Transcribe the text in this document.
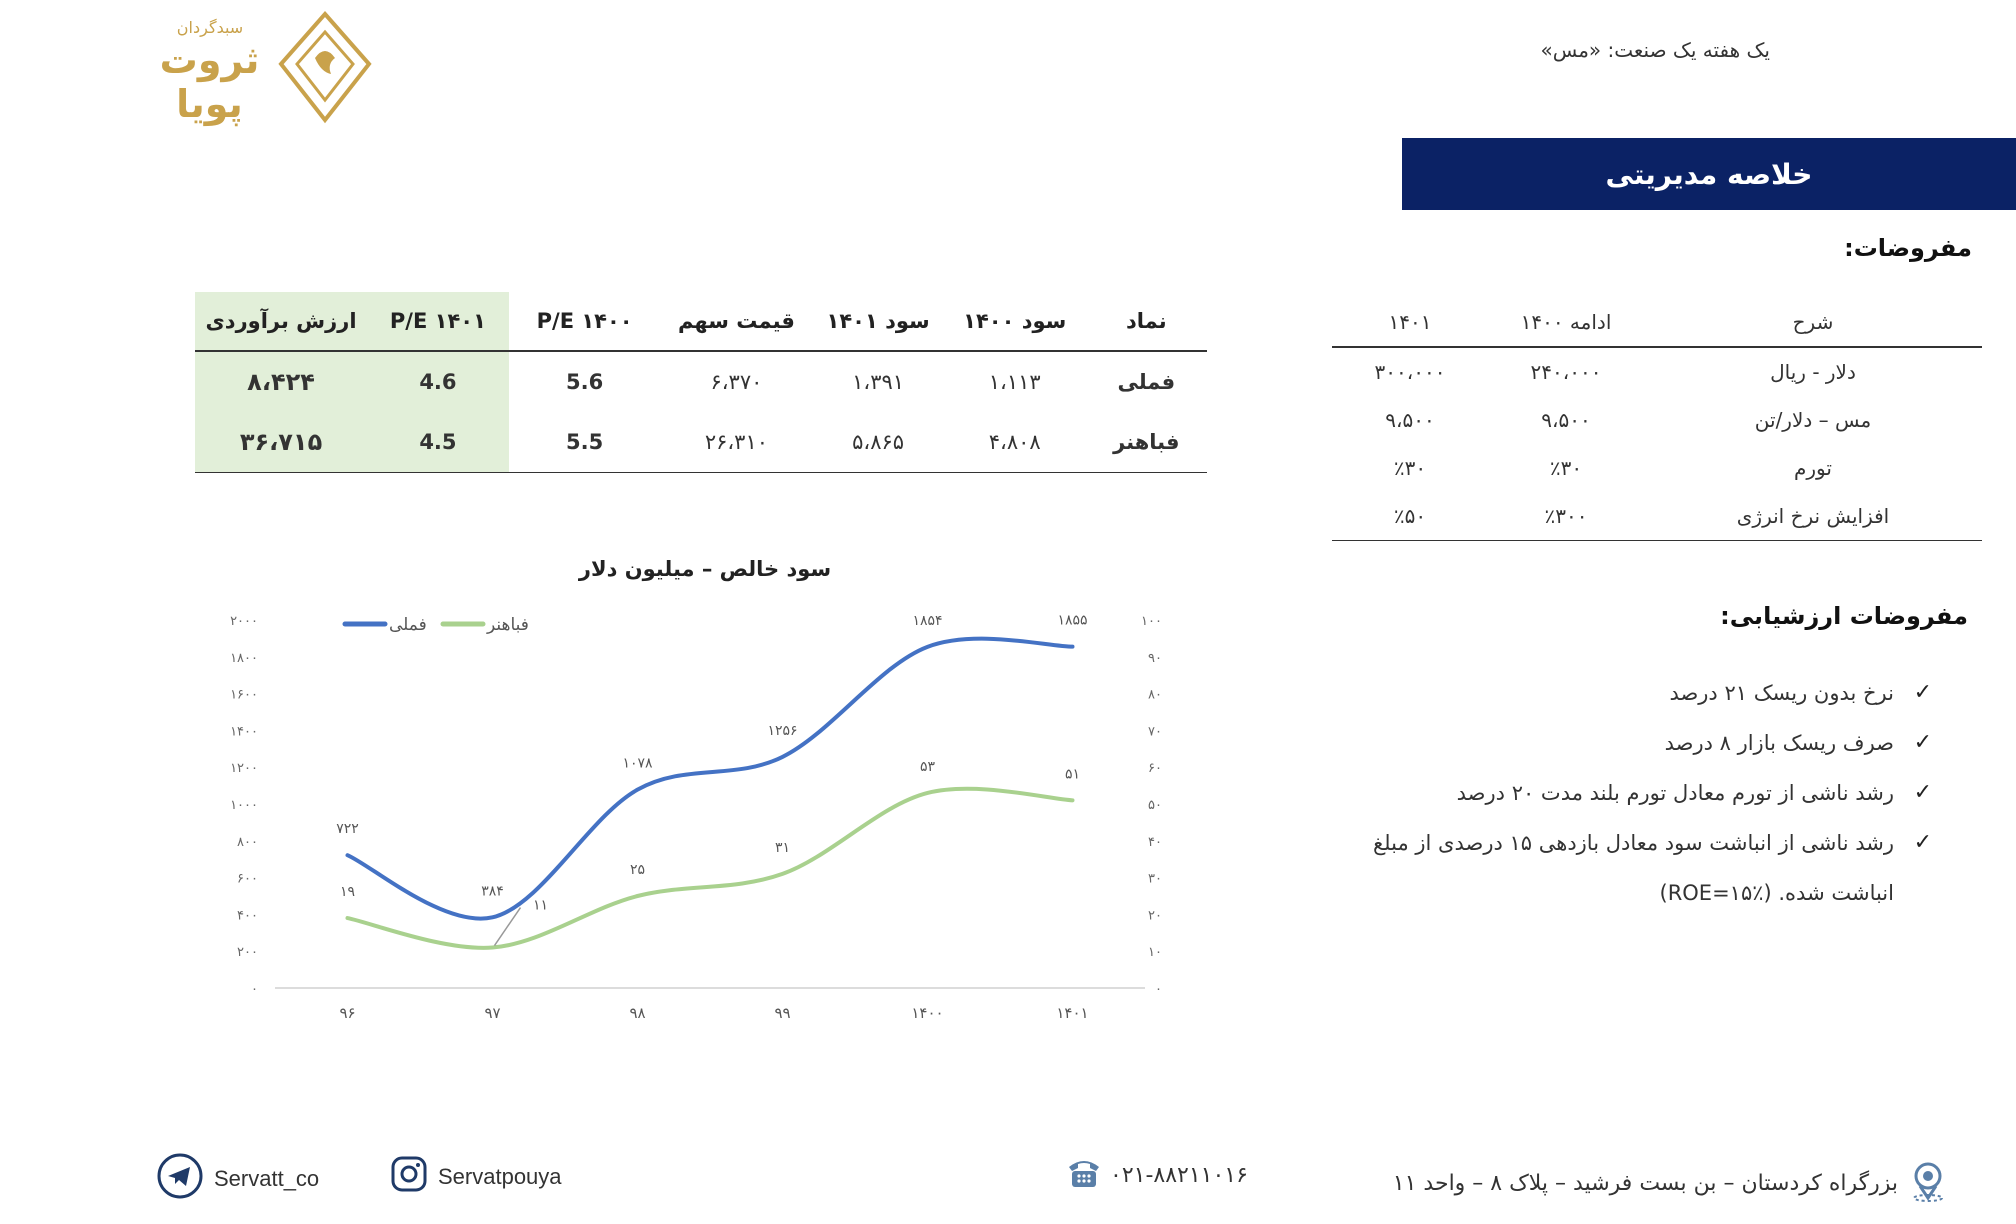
سبدگردان
ثروت پویا
یک هفته یک صنعت: «مس»
خلاصه مدیریتی
مفروضات:
شرح	ادامه ۱۴۰۰	۱۴۰۱
دلار - ریال	۲۴۰،۰۰۰	۳۰۰،۰۰۰
مس – دلار/تن	۹،۵۰۰	۹،۵۰۰
تورم	٪۳۰	٪۳۰
افزایش نرخ انرژی	٪۳۰۰	٪۵۰
مفروضات ارزشیابی:
✓
نرخ بدون ریسک ۲۱ درصد
✓
صرف ریسک بازار ۸ درصد
✓
رشد ناشی از تورم معادل تورم بلند مدت ۲۰ درصد
✓
رشد ناشی از انباشت سود معادل بازدهی ۱۵ درصدی از مبلغ
انباشت شده. (ROE=۱۵٪)
نماد	سود ۱۴۰۰	سود ۱۴۰۱	قیمت سهم	P/E ۱۴۰۰	P/E ۱۴۰۱	ارزش برآوردی
فملی	۱،۱۱۳	۱،۳۹۱	۶،۳۷۰	5.6	4.6	۸،۴۲۴
فباهنر	۴،۸۰۸	۵،۸۶۵	۲۶،۳۱۰	5.5	4.5	۳۶،۷۱۵
سود خالص – میلیون دلار
۰
۲۰۰
۴۰۰
۶۰۰
۸۰۰
۱۰۰۰
۱۲۰۰
۱۴۰۰
۱۶۰۰
۱۸۰۰
۲۰۰۰
۰
۱۰
۲۰
۳۰
۴۰
۵۰
۶۰
۷۰
۸۰
۹۰
۱۰۰
۹۶	۹۷	۹۸	۹۹	۱۴۰۰	۱۴۰۱
۷۲۲
۳۸۴
۱۰۷۸
۱۲۵۶
۱۸۵۴	۱۸۵۵
۱۹
۱۱
۲۵
۳۱
۵۳	۵۱
فملی	فباهنر
بزرگراه کردستان – بن بست فرشید – پلاک ۸ – واحد ۱۱
۰۲۱-۸۸۲۱۱۰۱۶
Servatpouya
Servatt_co
